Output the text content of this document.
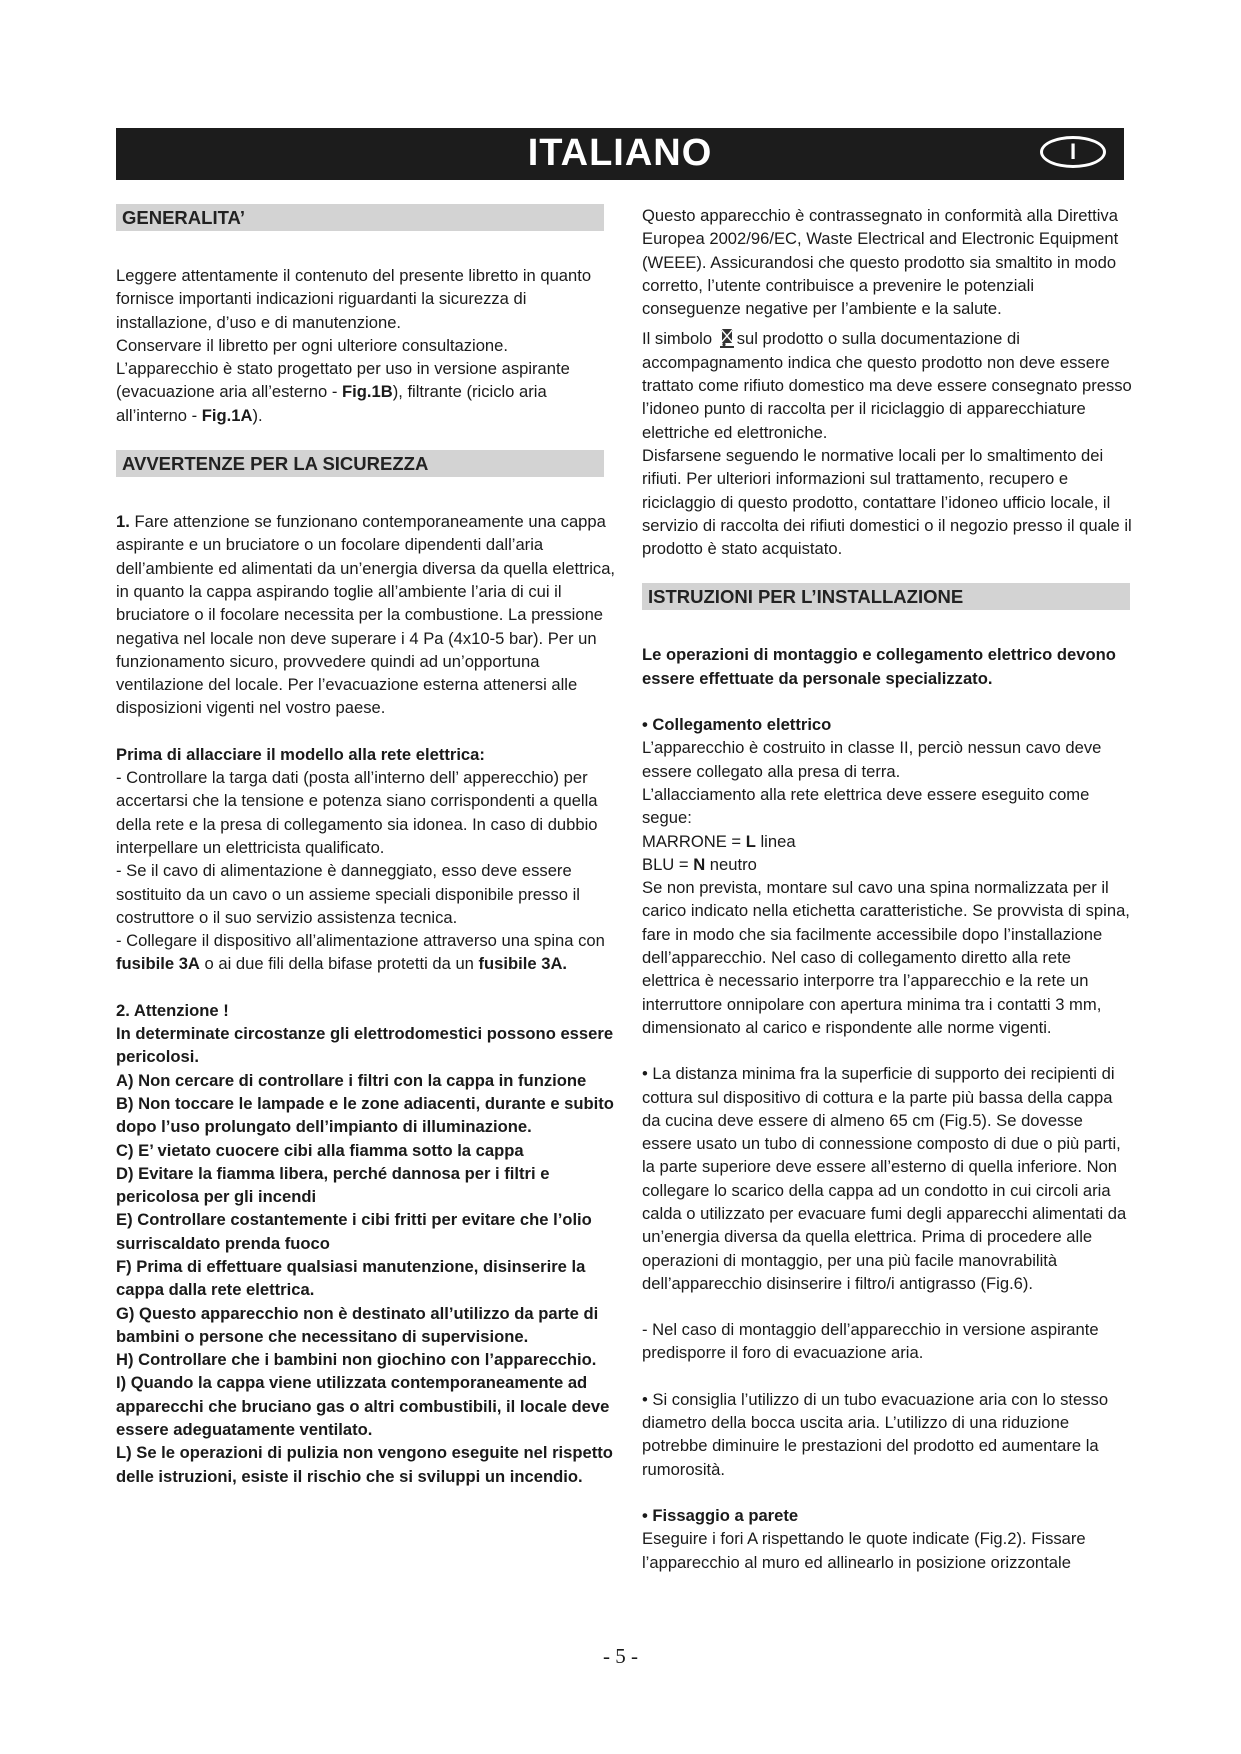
ITALIANO	I
GENERALITA’

Leggere attentamente il contenuto del presente libretto in quanto fornisce importanti indicazioni riguardanti la sicurezza di installazione, d’uso e di manutenzione.

Conservare il libretto per ogni ulteriore consultazione.

L’apparecchio è stato progettato per uso in versione aspirante (evacuazione aria all’esterno - Fig.1B), filtrante (riciclo aria all’interno - Fig.1A).

AVVERTENZE PER LA SICUREZZA

1. Fare attenzione se funzionano contemporaneamente una cappa aspirante e un bruciatore o un focolare dipendenti dall’aria dell’ambiente ed alimentati da un’energia diversa da quella elettrica, in quanto la cappa aspirando toglie all’ambiente l’aria di cui il bruciatore o il focolare necessita per la combustione. La pressione negativa nel locale non deve superare i 4 Pa (4x10-5 bar). Per un funzionamento sicuro, provvedere quindi ad un’opportuna ventilazione del locale. Per l’evacuazione esterna attenersi alle disposizioni vigenti nel vostro paese.

Prima di allacciare il modello alla rete elettrica:

- Controllare la targa dati (posta all’interno dell’ apperecchio) per accertarsi che la tensione e potenza siano corrispondenti a quella della rete e la presa di collegamento sia idonea. In caso di dubbio interpellare un elettricista qualificato.

- Se il cavo di alimentazione è danneggiato, esso deve essere sostituito da un cavo o un assieme speciali disponibile presso il costruttore o il suo servizio assistenza tecnica.

- Collegare il dispositivo all’alimentazione attraverso una spina con fusibile 3A o ai due fili della bifase protetti da un fusibile 3A.

2. Attenzione !

In determinate circostanze gli elettrodomestici possono essere pericolosi.

A) Non cercare di controllare i filtri con la cappa in funzione

B) Non toccare le lampade e le zone adiacenti, durante e subito dopo l’uso prolungato dell’impianto di illuminazione.

C) E’ vietato cuocere cibi alla fiamma sotto la cappa

D) Evitare la fiamma libera, perché dannosa per i filtri e pericolosa per gli incendi

E) Controllare costantemente i cibi fritti per evitare che l’olio surriscaldato prenda fuoco

F) Prima di effettuare qualsiasi manutenzione, disinserire la cappa dalla rete elettrica.

G) Questo apparecchio non è destinato all’utilizzo da parte di bambini o persone che necessitano di supervisione.

H) Controllare che i bambini non giochino con l’apparecchio.

I) Quando la cappa viene utilizzata contemporaneamente ad apparecchi che bruciano gas o altri combustibili, il locale deve essere adeguatamente ventilato.

L) Se le operazioni di pulizia non vengono eseguite nel rispetto delle istruzioni, esiste il rischio che si sviluppi un incendio.

Questo apparecchio è contrassegnato in conformità alla Direttiva Europea 2002/96/EC, Waste Electrical and Electronic Equipment (WEEE). Assicurandosi che questo prodotto sia smaltito in modo corretto, l’utente contribuisce a prevenire le potenziali conseguenze negative per l’ambiente e la salute.

Il simbolo sul prodotto o sulla documentazione di accompagnamento indica che questo prodotto non deve essere trattato come rifiuto domestico ma deve essere consegnato presso l’idoneo punto di raccolta per il riciclaggio di apparecchiature elettriche ed elettroniche.

Disfarsene seguendo le normative locali per lo smaltimento dei rifiuti. Per ulteriori informazioni sul trattamento, recupero e riciclaggio di questo prodotto, contattare l’idoneo ufficio locale, il servizio di raccolta dei rifiuti domestici o il negozio presso il quale il prodotto è stato acquistato.

ISTRUZIONI PER L’INSTALLAZIONE

Le operazioni di montaggio e collegamento elettrico devono essere effettuate da personale specializzato.

• Collegamento elettrico

L’apparecchio è costruito in classe II, perciò nessun cavo deve essere collegato alla presa di terra.

L’allacciamento alla rete elettrica deve essere eseguito come segue:

MARRONE = L linea

BLU = N neutro

Se non prevista, montare sul cavo una spina normalizzata per il carico indicato nella etichetta caratteristiche. Se provvista di spina, fare in modo che sia facilmente accessibile dopo l’installazione dell’apparecchio. Nel caso di collegamento diretto alla rete elettrica è necessario interporre tra l’apparecchio e la rete un interruttore onnipolare con apertura minima tra i contatti 3 mm, dimensionato al carico e rispondente alle norme vigenti.

• La distanza minima fra la superficie di supporto dei recipienti di cottura sul dispositivo di cottura e la parte più bassa della cappa da cucina deve essere di almeno 65 cm (Fig.5). Se dovesse essere usato un tubo di connessione composto di due o più parti, la parte superiore deve essere all’esterno di quella inferiore. Non collegare lo scarico della cappa ad un condotto in cui circoli aria calda o utilizzato per evacuare fumi degli apparecchi alimentati da un’energia diversa da quella elettrica. Prima di procedere alle operazioni di montaggio, per una più facile manovrabilità dell’apparecchio disinserire i filtro/i antigrasso (Fig.6).

- Nel caso di montaggio dell’apparecchio in versione aspirante predisporre il foro di evacuazione aria.

• Si consiglia l’utilizzo di un tubo evacuazione aria con lo stesso diametro della bocca uscita aria. L’utilizzo di una riduzione potrebbe diminuire le prestazioni del prodotto ed aumentare la rumorosità.

• Fissaggio a parete

Eseguire i fori A rispettando le quote indicate (Fig.2). Fissare l’apparecchio al muro ed allinearlo in posizione orizzontale

- 5 -
